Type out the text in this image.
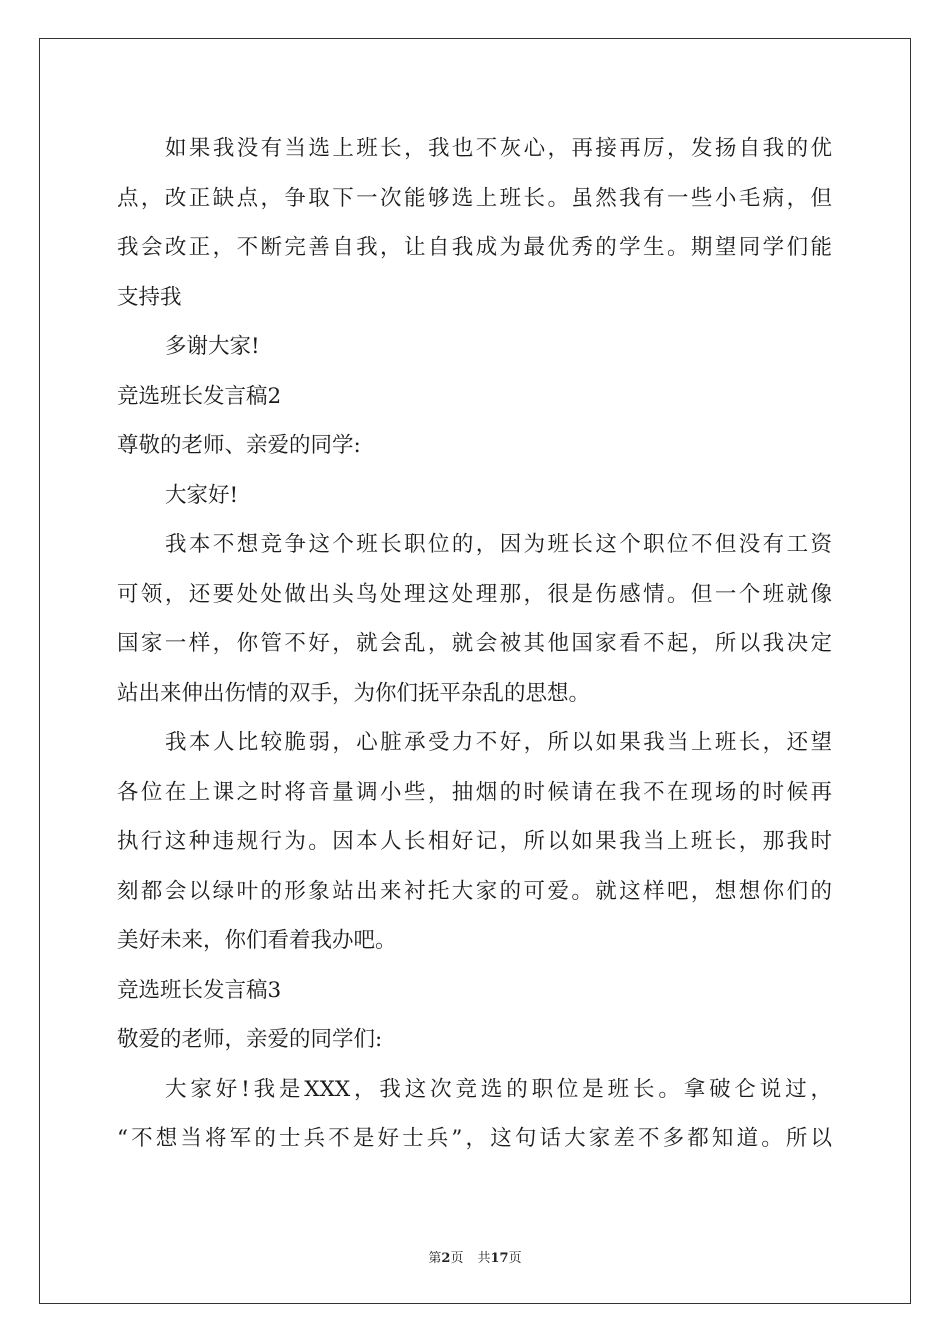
如果我没有当选上班长，我也不灰心，再接再厉，发扬自我的优
点，改正缺点，争取下一次能够选上班长。虽然我有一些小毛病，但
我会改正，不断完善自我，让自我成为最优秀的学生。期望同学们能
支持我
多谢大家!
竞选班长发言稿2
尊敬的老师、亲爱的同学:
大家好!
我本不想竞争这个班长职位的，因为班长这个职位不但没有工资
可领，还要处处做出头鸟处理这处理那，很是伤感情。但一个班就像
国家一样，你管不好，就会乱，就会被其他国家看不起，所以我决定
站出来伸出伤情的双手，为你们抚平杂乱的思想。
我本人比较脆弱，心脏承受力不好，所以如果我当上班长，还望
各位在上课之时将音量调小些，抽烟的时候请在我不在现场的时候再
执行这种违规行为。因本人长相好记，所以如果我当上班长，那我时
刻都会以绿叶的形象站出来衬托大家的可爱。就这样吧，想想你们的
美好未来，你们看着我办吧。
竞选班长发言稿3
敬爱的老师，亲爱的同学们:
大家好!我是XXX，我这次竞选的职位是班长。拿破仑说过，
“不想当将军的士兵不是好士兵”，这句话大家差不多都知道。所以
第2页 共17页
